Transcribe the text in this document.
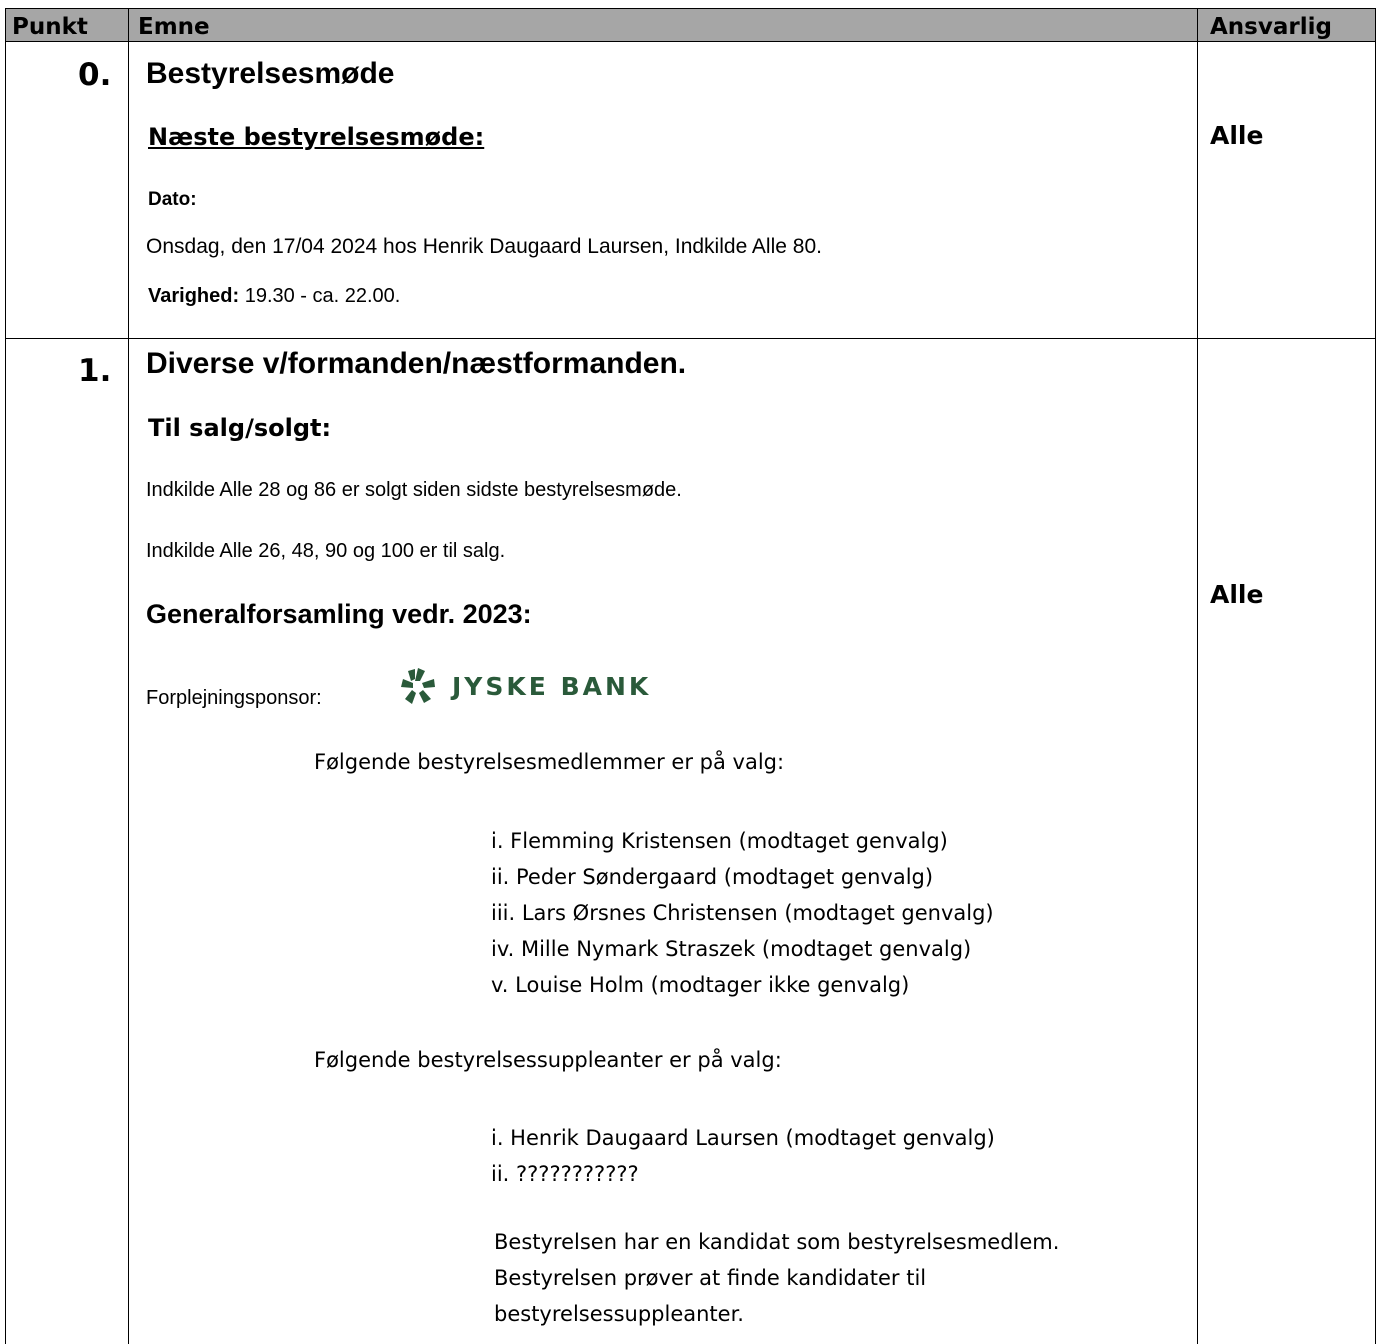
Punkt Emne	Ansvarlig
0. Bestyrelsesmøde
Næste bestyrelsesmøde:
Dato:
Onsdag, den 17/04 2024 hos Henrik Daugaard Laursen, Indkilde Alle 80.
Varighed: 19.30 - ca. 22.00.
Alle
1. Diverse v/formanden/næstformanden.
Til salg/solgt:
Indkilde Alle 28 og 86 er solgt siden sidste bestyrelsesmøde.
Indkilde Alle 26, 48, 90 og 100 er til salg.
Generalforsamling vedr. 2023:
Forplejningsponsor:	JYSKE BANK
Følgende bestyrelsesmedlemmer er på valg:
i. Flemming Kristensen (modtaget genvalg)
ii. Peder Søndergaard (modtaget genvalg)
iii. Lars Ørsnes Christensen (modtaget genvalg)
iv. Mille Nymark Straszek (modtaget genvalg)
v. Louise Holm (modtager ikke genvalg)
Følgende bestyrelsessuppleanter er på valg:
i. Henrik Daugaard Laursen (modtaget genvalg)
ii. ???????????
Bestyrelsen har en kandidat som bestyrelsesmedlem.
Bestyrelsen prøver at finde kandidater til
bestyrelsessuppleanter.
Alle
